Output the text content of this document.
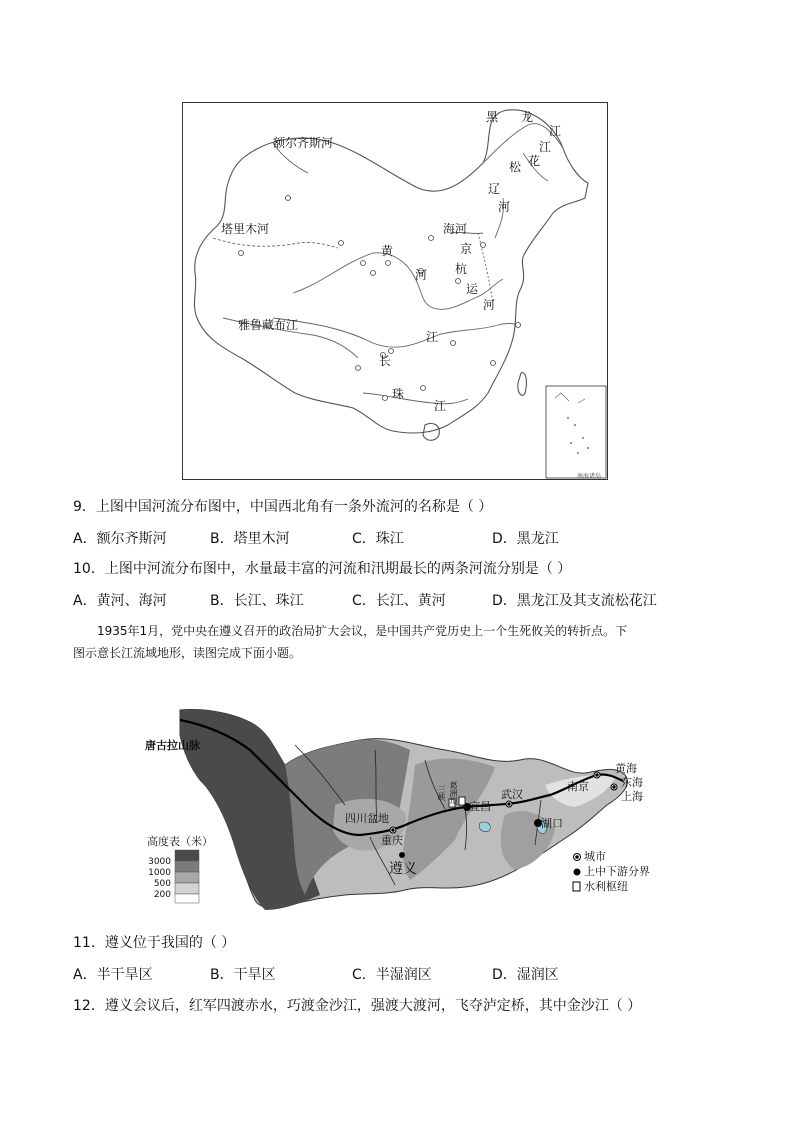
额尔齐斯河
塔里木河
雅鲁藏布江
黑 龙
江
松 花
江
辽
河
海河
京
杭
运
河
黄
河
江
长
珠
江
南海诸岛
9．上图中国河流分布图中，中国西北角有一条外流河的名称是（ ）
A．额尔齐斯河	B．塔里木河	C．珠江	D．黑龙江
10．上图中河流分布图中，水量最丰富的河流和汛期最长的两条河流分别是（ ）
A．黄河、海河	B．长江、珠江	C．长江、黄河	D．黑龙江及其支流松花江

1935年1月，党中央在遵义召开的政治局扩大会议，是中国共产党历史上一个生死攸关的转折点。下

图示意长江流域地形，读图完成下面小题。

唐古拉山脉
四川盆地
重庆
遵义
葛洲坝
三峡
宜昌
武汉
湖口
南京
上海
黄海
东海
高度表（米）
3000
1000
500
200
城市
上中下游分界
水利枢纽
11．遵义位于我国的（ ）
A．半干旱区	B．干旱区	C．半湿润区	D．湿润区
12．遵义会议后，红军四渡赤水，巧渡金沙江，强渡大渡河，飞夺泸定桥，其中金沙江（ ）
